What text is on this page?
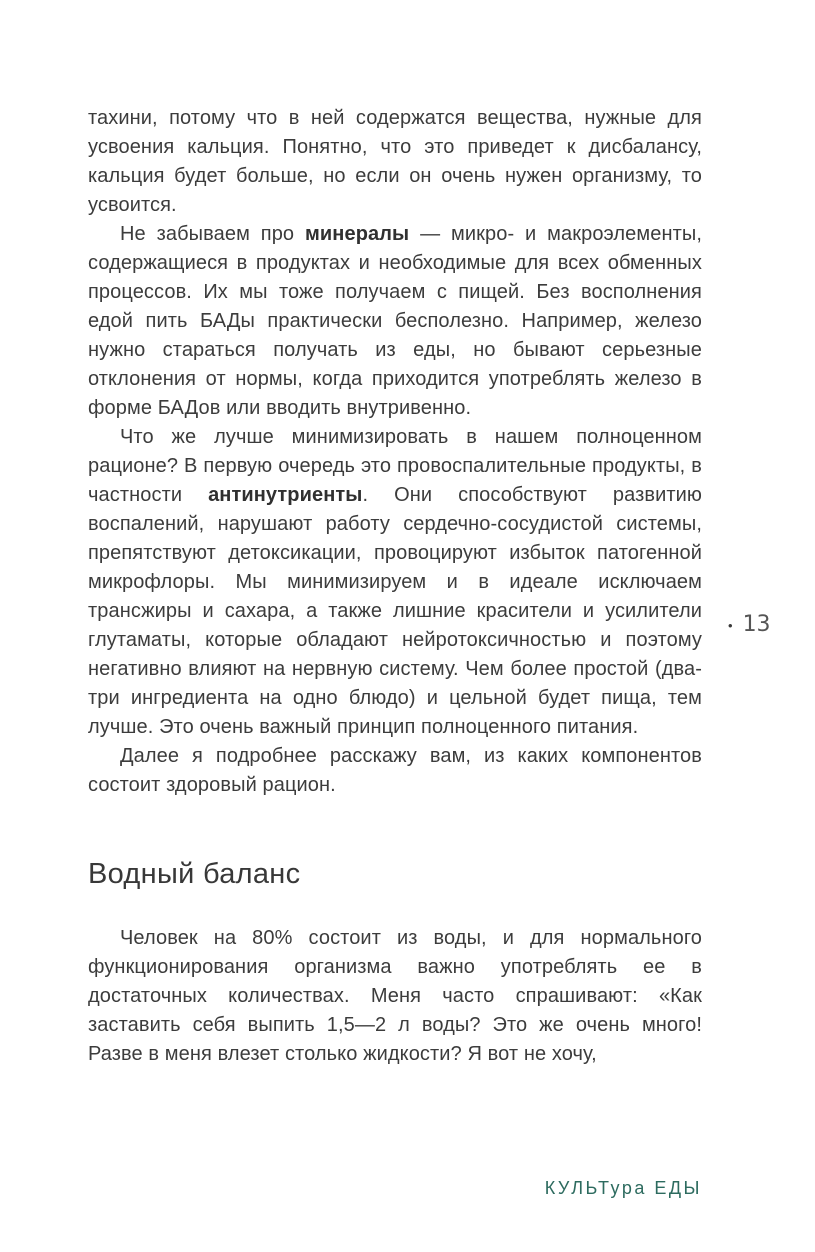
тахини, потому что в ней содержатся вещества, нужные для усвоения кальция. Понятно, что это приведет к дисбалансу, кальция будет больше, но если он очень нужен организму, то усвоится.

Не забываем про минералы — микро- и макроэлементы, содержащиеся в продуктах и необходимые для всех обменных процессов. Их мы тоже получаем с пищей. Без восполнения едой пить БАДы практически бесполезно. Например, железо нужно стараться получать из еды, но бывают серьезные отклонения от нормы, когда приходится употреблять железо в форме БАДов или вводить внутривенно.

Что же лучше минимизировать в нашем полноценном рационе? В первую очередь это провоспалительные продукты, в частности антинутриенты. Они способствуют развитию воспалений, нарушают работу сердечно-сосудистой системы, препятствуют детоксикации, провоцируют избыток патогенной микрофлоры. Мы минимизируем и в идеале исключаем трансжиры и сахара, а также лишние красители и усилители глутаматы, которые обладают нейротоксичностью и поэтому негативно влияют на нервную систему. Чем более простой (два-три ингредиента на одно блюдо) и цельной будет пища, тем лучше. Это очень важный принцип полноценного питания.

Далее я подробнее расскажу вам, из каких компонентов состоит здоровый рацион.

Водный баланс

Человек на 80% состоит из воды, и для нормального функционирования организма важно употреблять ее в достаточных количествах. Меня часто спрашивают: «Как заставить себя выпить 1,5—2 л воды? Это же очень много! Разве в меня влезет столько жидкости? Я вот не хочу,

• 13
КУЛЬТура ЕДЫ
